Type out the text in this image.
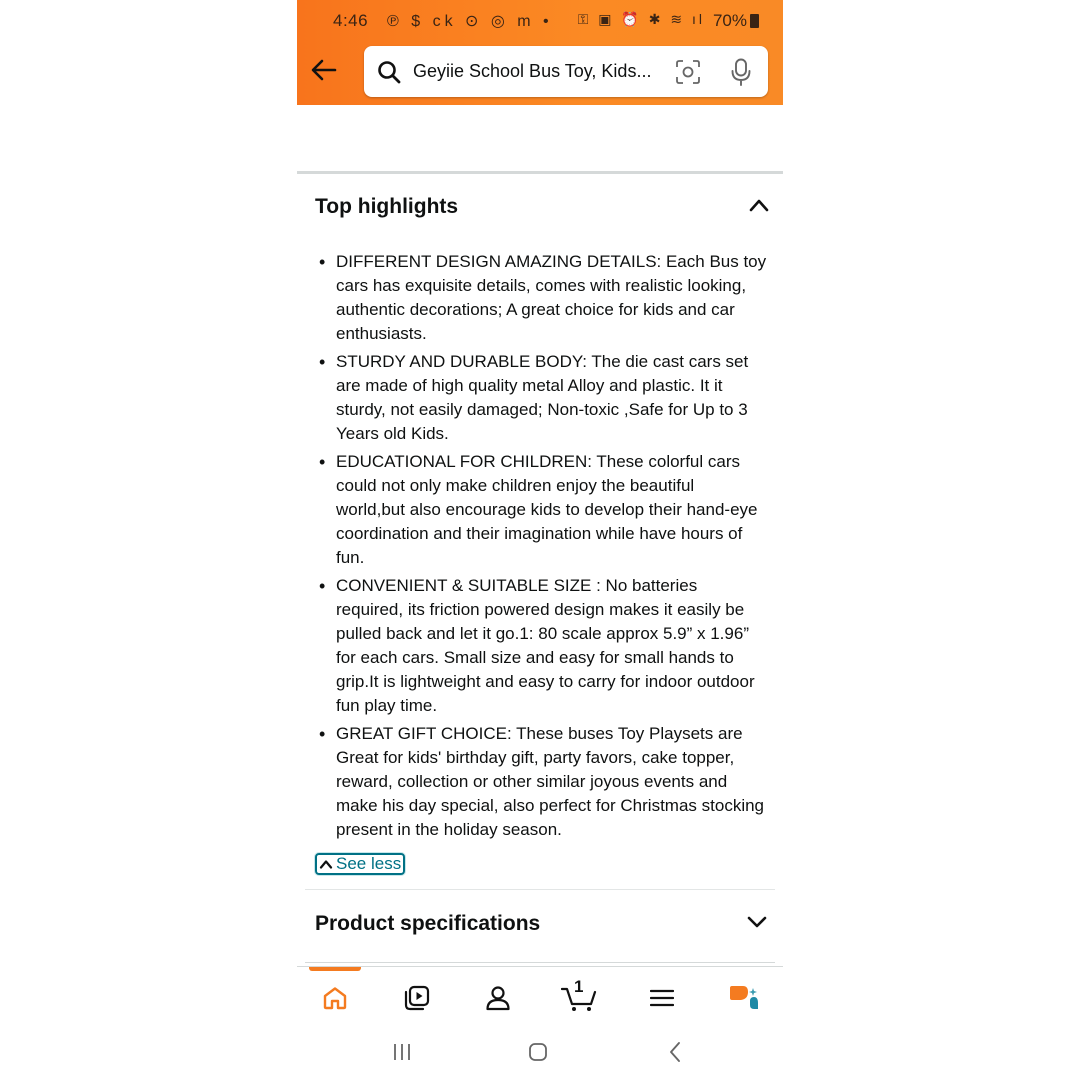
4:46 ℗ $ ck ⊙ ◎ m • ⚿ ▣ ⏰ ✱ ≋ ıl 70%
Geyiie School Bus Toy, Kids...
Top highlights
• DIFFERENT DESIGN AMAZING DETAILS: Each Bus toy cars has exquisite details, comes with realistic looking, authentic decorations; A great choice for kids and car enthusiasts.
• STURDY AND DURABLE BODY: The die cast cars set are made of high quality metal Alloy and plastic. It it sturdy, not easily damaged; Non-toxic ,Safe for Up to 3 Years old Kids.
• EDUCATIONAL FOR CHILDREN: These colorful cars could not only make children enjoy the beautiful world,but also encourage kids to develop their hand-eye coordination and their imagination while have hours of fun.
• CONVENIENT & SUITABLE SIZE : No batteries required, its friction powered design makes it easily be pulled back and let it go.1: 80 scale approx 5.9” x 1.96” for each cars. Small size and easy for small hands to grip.It is lightweight and easy to carry for indoor outdoor fun play time.
• GREAT GIFT CHOICE: These buses Toy Playsets are Great for kids' birthday gift, party favors, cake topper, reward, collection or other similar joyous events and make his day special, also perfect for Christmas stocking present in the holiday season.
See less
Product specifications
1
